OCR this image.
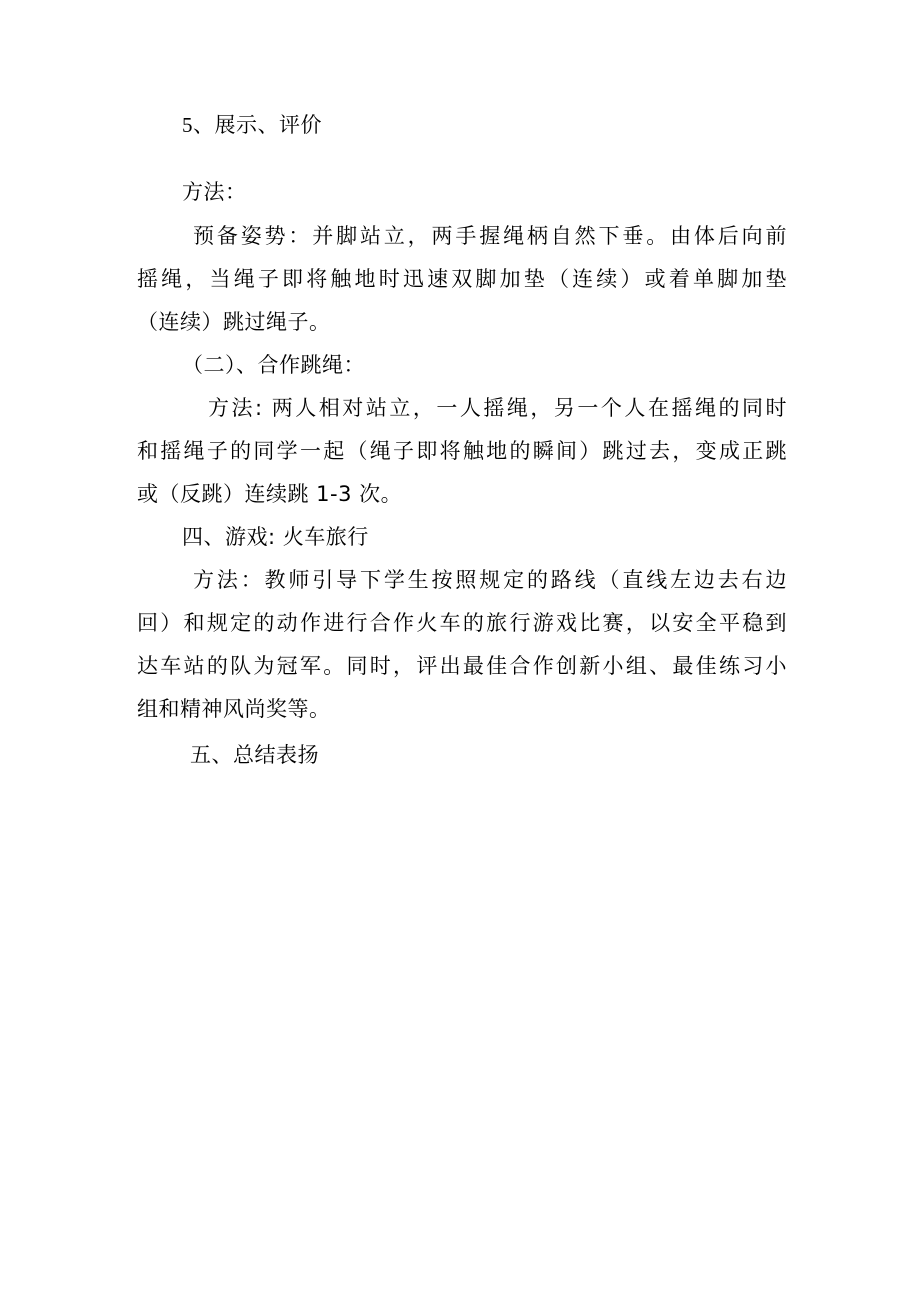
5、展示、评价
方法：
预备姿势：并脚站立，两手握绳柄自然下垂。由体后向前
摇绳，当绳子即将触地时迅速双脚加垫（连续）或着单脚加垫
（连续）跳过绳子。
（二）、合作跳绳：
方法: 两人相对站立，一人摇绳，另一个人在摇绳的同时
和摇绳子的同学一起（绳子即将触地的瞬间）跳过去，变成正跳
或（反跳）连续跳 1-3 次。
四、游戏: 火车旅行
方法：教师引导下学生按照规定的路线（直线左边去右边
回）和规定的动作进行合作火车的旅行游戏比赛，以安全平稳到
达车站的队为冠军。同时，评出最佳合作创新小组、最佳练习小
组和精神风尚奖等。
五、总结表扬
